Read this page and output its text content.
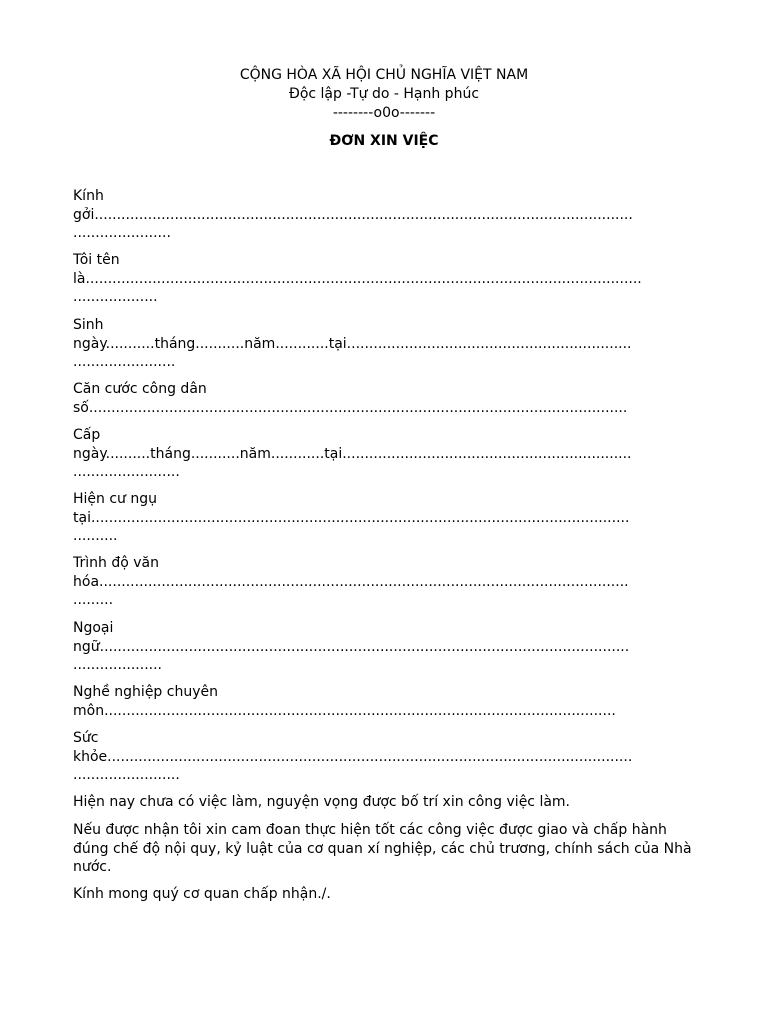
CỘNG HÒA XÃ HỘI CHỦ NGHĨA VIỆT NAM
Độc lập -Tự do - Hạnh phúc
--------o0o-------
ĐƠN XIN VIỆC
Kính
gởi.........................................................................................................................
......................
Tôi tên
là.............................................................................................................................
...................
Sinh
ngày...........tháng...........năm............tại................................................................
.......................
Căn cước công dân
số.........................................................................................................................
Cấp
ngày..........tháng...........năm............tại.................................................................
........................
Hiện cư ngụ
tại.........................................................................................................................
..........
Trình độ văn
hóa.......................................................................................................................
.........
Ngoại
ngữ.......................................................................................................................
....................
Nghề nghiệp chuyên
môn...................................................................................................................
Sức
khỏe......................................................................................................................
........................
Hiện nay chưa có việc làm, nguyện vọng được bố trí xin công việc làm.
Nếu được nhận tôi xin cam đoan thực hiện tốt các công việc được giao và chấp hành đúng chế độ nội quy, kỷ luật của cơ quan xí nghiệp, các chủ trương, chính sách của Nhà nước.
Kính mong quý cơ quan chấp nhận./.
